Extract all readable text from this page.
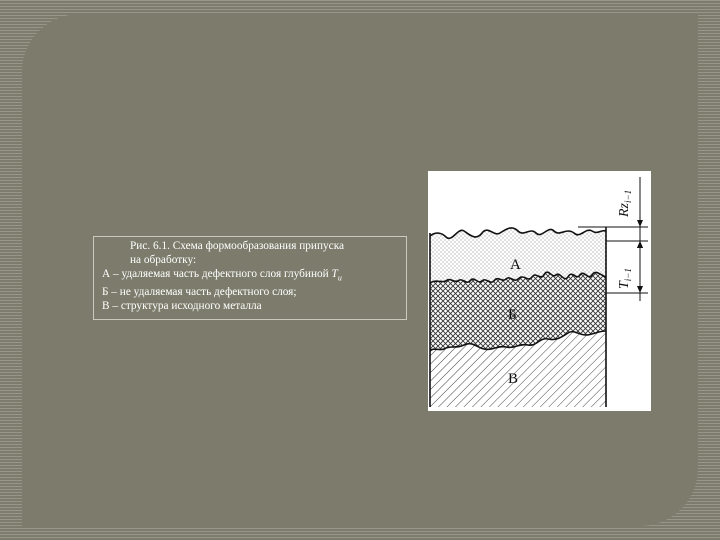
Рис. 6.1. Схема формообразования припуска
на обработку:
А – удаляемая часть дефектного слоя глубиной $T_и$
Б – не удаляемая часть дефектного слоя;
В – структура исходного металла
$Rz_{i-1}$
$T_{i-1}$
А
Б
В
